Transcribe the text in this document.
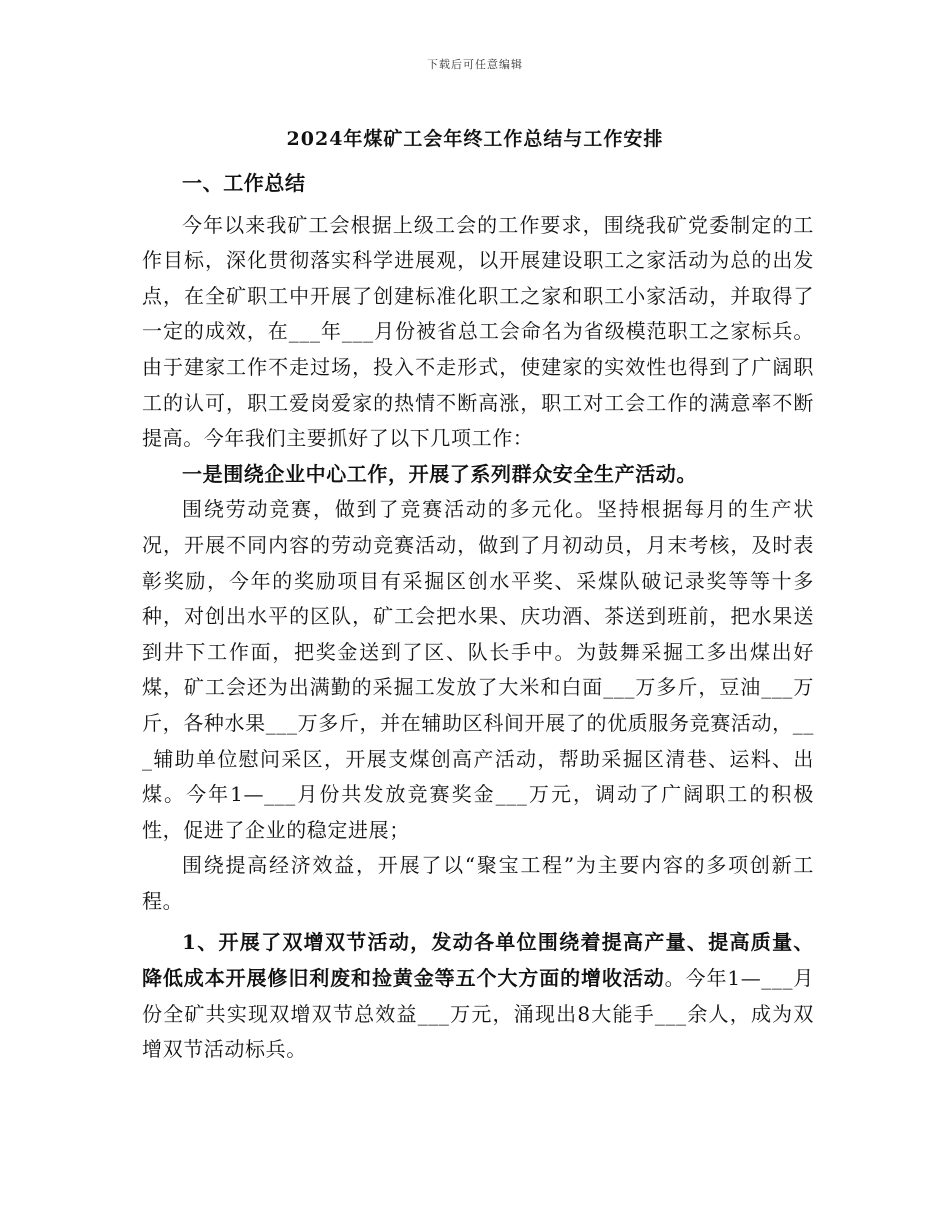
下载后可任意编辑
2024年煤矿工会年终工作总结与工作安排

一、工作总结

今年以来我矿工会根据上级工会的工作要求，围绕我矿党委制定的工作目标，深化贯彻落实科学进展观，以开展建设职工之家活动为总的出发点，在全矿职工中开展了创建标准化职工之家和职工小家活动，并取得了一定的成效，在___年___月份被省总工会命名为省级模范职工之家标兵。由于建家工作不走过场，投入不走形式，使建家的实效性也得到了广阔职工的认可，职工爱岗爱家的热情不断高涨，职工对工会工作的满意率不断提高。今年我们主要抓好了以下几项工作：

一是围绕企业中心工作，开展了系列群众安全生产活动。

围绕劳动竞赛，做到了竞赛活动的多元化。坚持根据每月的生产状况，开展不同内容的劳动竞赛活动，做到了月初动员，月末考核，及时表彰奖励，今年的奖励项目有采掘区创水平奖、采煤队破记录奖等等十多种，对创出水平的区队，矿工会把水果、庆功酒、茶送到班前，把水果送到井下工作面，把奖金送到了区、队长手中。为鼓舞采掘工多出煤出好煤，矿工会还为出满勤的采掘工发放了大米和白面___万多斤，豆油___万斤，各种水果___万多斤，并在辅助区科间开展了的优质服务竞赛活动，___辅助单位慰问采区，开展支煤创高产活动，帮助采掘区清巷、运料、出煤。今年1—___月份共发放竞赛奖金___万元，调动了广阔职工的积极性，促进了企业的稳定进展；

围绕提高经济效益，开展了以“聚宝工程”为主要内容的多项创新工程。

1、开展了双增双节活动，发动各单位围绕着提高产量、提高质量、降低成本开展修旧利废和捡黄金等五个大方面的增收活动。今年1—___月份全矿共实现双增双节总效益___万元，涌现出8大能手___余人，成为双增双节活动标兵。
